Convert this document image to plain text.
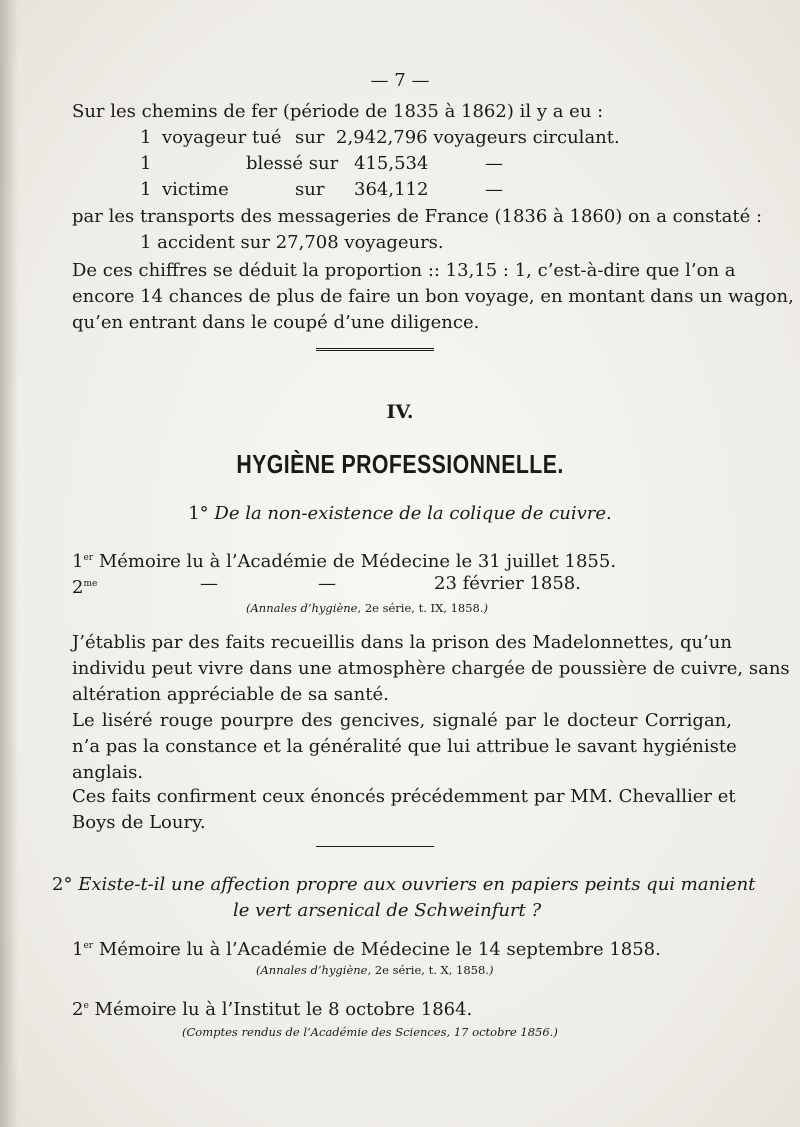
— 7 —
Sur les chemins de fer (période de 1835 à 1862) il y a eu :
1 voyageur tué sur 2,942,796 voyageurs circulant.
1	blessé sur 415,534	—
1 victime	sur 364,112	—
par les transports des messageries de France (1836 à 1860) on a constaté :
1 accident sur 27,708 voyageurs.
De ces chiffres se déduit la proportion :: 13,15 : 1, c’est-à-dire que l’on a
encore 14 chances de plus de faire un bon voyage, en montant dans un wagon,
qu’en entrant dans le coupé d’une diligence.
IV.
HYGIÈNE PROFESSIONNELLE.
1° De la non-existence de la colique de cuivre.
1er Mémoire lu à l’Académie de Médecine le 31 juillet 1855.
$2^{me}$	—	—	23 février 1858.
(Annales d’hygiène, 2e série, t. IX, 1858.)
J’établis par des faits recueillis dans la prison des Madelonnettes, qu’un
individu peut vivre dans une atmosphère chargée de poussière de cuivre, sans
altération appréciable de sa santé.
Le liséré rouge pourpre des gencives, signalé par le docteur Corrigan,
n’a pas la constance et la généralité que lui attribue le savant hygiéniste
anglais.
Ces faits confirment ceux énoncés précédemment par MM. Chevallier et
Boys de Loury.
2° Existe-t-il une affection propre aux ouvriers en papiers peints qui manient
le vert arsenical de Schweinfurt ?
1er Mémoire lu à l’Académie de Médecine le 14 septembre 1858.
(Annales d’hygiène, 2e série, t. X, 1858.)
2e Mémoire lu à l’Institut le 8 octobre 1864.
(Comptes rendus de l’Académie des Sciences, 17 octobre 1856.)
